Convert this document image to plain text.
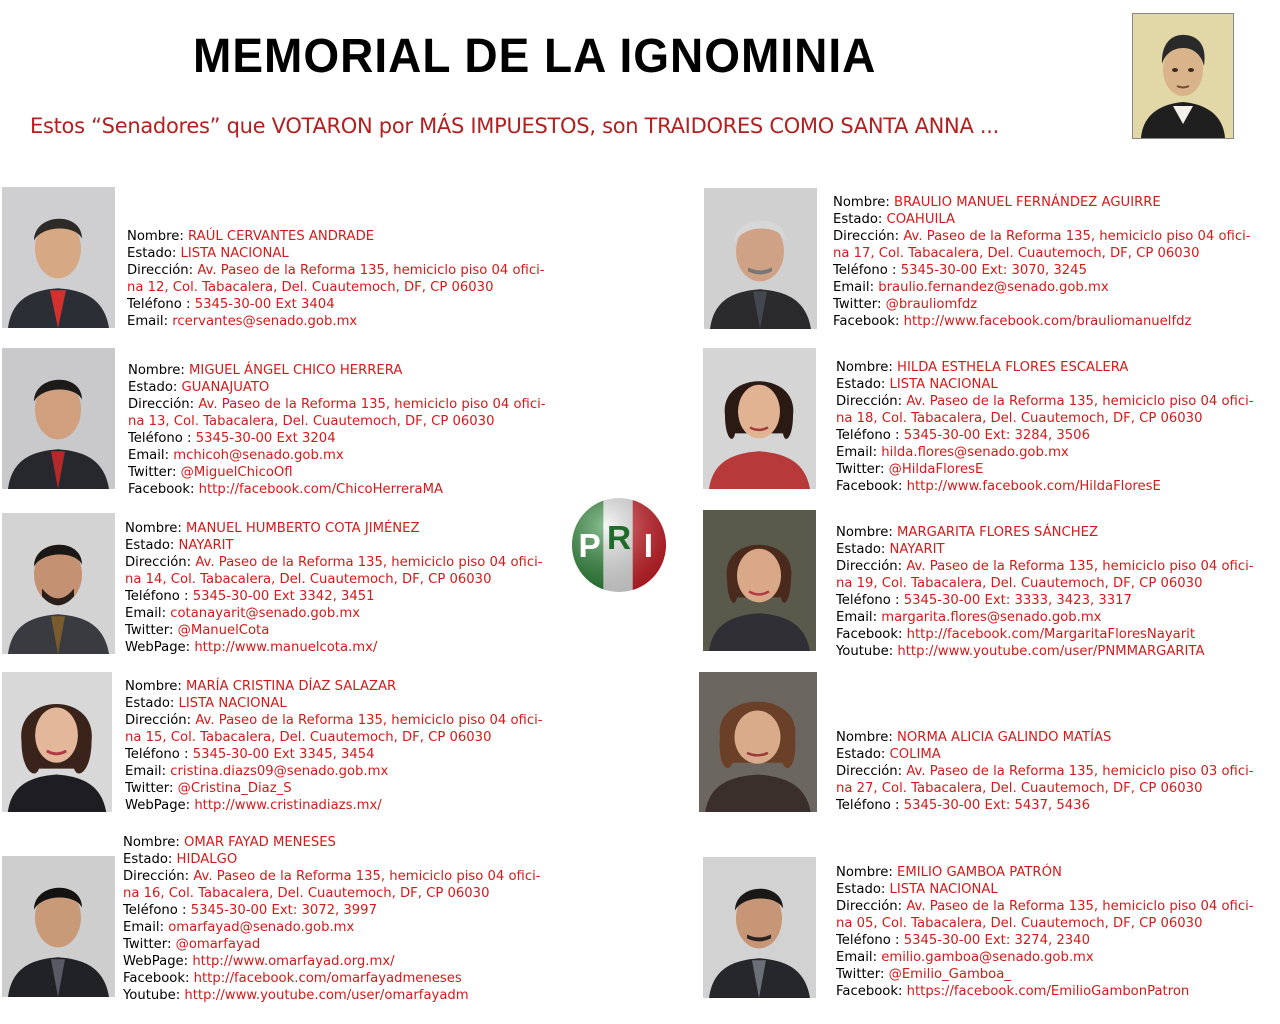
MEMORIAL DE LA IGNOMINIA
Estos “Senadores” que VOTARON por MÁS IMPUESTOS, son TRAIDORES COMO SANTA ANNA ...
P R I
Nombre: RAÚL CERVANTES ANDRADE
Estado: LISTA NACIONAL
Dirección: Av. Paseo de la Reforma 135, hemiciclo piso 04 ofici-
na 12, Col. Tabacalera, Del. Cuautemoch, DF, CP 06030
Teléfono : 5345-30-00 Ext 3404
Email: rcervantes@senado.gob.mx
Nombre: MIGUEL ÁNGEL CHICO HERRERA
Estado: GUANAJUATO
Dirección: Av. Paseo de la Reforma 135, hemiciclo piso 04 ofici-
na 13, Col. Tabacalera, Del. Cuautemoch, DF, CP 06030
Teléfono : 5345-30-00 Ext 3204
Email: mchicoh@senado.gob.mx
Twitter: @MiguelChicoOfl
Facebook: http://facebook.com/ChicoHerreraMA
Nombre: MANUEL HUMBERTO COTA JIMÉNEZ
Estado: NAYARIT
Dirección: Av. Paseo de la Reforma 135, hemiciclo piso 04 ofici-
na 14, Col. Tabacalera, Del. Cuautemoch, DF, CP 06030
Teléfono : 5345-30-00 Ext 3342, 3451
Email: cotanayarit@senado.gob.mx
Twitter: @ManuelCota
WebPage: http://www.manuelcota.mx/
Nombre: MARÍA CRISTINA DÍAZ SALAZAR
Estado: LISTA NACIONAL
Dirección: Av. Paseo de la Reforma 135, hemiciclo piso 04 ofici-
na 15, Col. Tabacalera, Del. Cuautemoch, DF, CP 06030
Teléfono : 5345-30-00 Ext 3345, 3454
Email: cristina.diazs09@senado.gob.mx
Twitter: @Cristina_Diaz_S
WebPage: http://www.cristinadiazs.mx/
Nombre: OMAR FAYAD MENESES
Estado: HIDALGO
Dirección: Av. Paseo de la Reforma 135, hemiciclo piso 04 ofici-
na 16, Col. Tabacalera, Del. Cuautemoch, DF, CP 06030
Teléfono : 5345-30-00 Ext: 3072, 3997
Email: omarfayad@senado.gob.mx
Twitter: @omarfayad
WebPage: http://www.omarfayad.org.mx/
Facebook: http://facebook.com/omarfayadmeneses
Youtube: http://www.youtube.com/user/omarfayadm
Nombre: BRAULIO MANUEL FERNÁNDEZ AGUIRRE
Estado: COAHUILA
Dirección: Av. Paseo de la Reforma 135, hemiciclo piso 04 ofici-
na 17, Col. Tabacalera, Del. Cuautemoch, DF, CP 06030
Teléfono : 5345-30-00 Ext: 3070, 3245
Email: braulio.fernandez@senado.gob.mx
Twitter: @brauliomfdz
Facebook: http://www.facebook.com/brauliomanuelfdz
Nombre: HILDA ESTHELA FLORES ESCALERA
Estado: LISTA NACIONAL
Dirección: Av. Paseo de la Reforma 135, hemiciclo piso 04 ofici-
na 18, Col. Tabacalera, Del. Cuautemoch, DF, CP 06030
Teléfono : 5345-30-00 Ext: 3284, 3506
Email: hilda.flores@senado.gob.mx
Twitter: @HildaFloresE
Facebook: http://www.facebook.com/HildaFloresE
Nombre: MARGARITA FLORES SÁNCHEZ
Estado: NAYARIT
Dirección: Av. Paseo de la Reforma 135, hemiciclo piso 04 ofici-
na 19, Col. Tabacalera, Del. Cuautemoch, DF, CP 06030
Teléfono : 5345-30-00 Ext: 3333, 3423, 3317
Email: margarita.flores@senado.gob.mx
Facebook: http://facebook.com/MargaritaFloresNayarit
Youtube: http://www.youtube.com/user/PNMMARGARITA
Nombre: NORMA ALICIA GALINDO MATÍAS
Estado: COLIMA
Dirección: Av. Paseo de la Reforma 135, hemiciclo piso 03 ofici-
na 27, Col. Tabacalera, Del. Cuautemoch, DF, CP 06030
Teléfono : 5345-30-00 Ext: 5437, 5436
Nombre: EMILIO GAMBOA PATRÓN
Estado: LISTA NACIONAL
Dirección: Av. Paseo de la Reforma 135, hemiciclo piso 04 ofici-
na 05, Col. Tabacalera, Del. Cuautemoch, DF, CP 06030
Teléfono : 5345-30-00 Ext: 3274, 2340
Email: emilio.gamboa@senado.gob.mx
Twitter: @Emilio_Gamboa_
Facebook: https://facebook.com/EmilioGambonPatron
